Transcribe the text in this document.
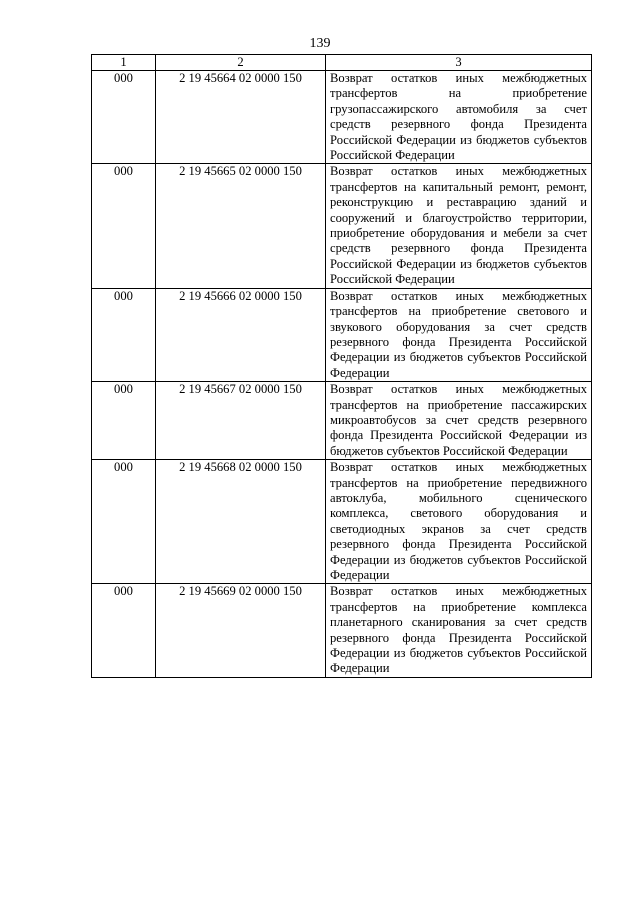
139
1	2	3
000	2 19 45664 02 0000 150	Возврат остатков иных межбюджетных трансфертов на приобретение грузопассажирского автомобиля за счет средств резервного фонда Президента Российской Федерации из бюджетов субъектов Российской Федерации
000	2 19 45665 02 0000 150	Возврат остатков иных межбюджетных трансфертов на капитальный ремонт, ремонт, реконструкцию и реставрацию зданий и сооружений и благоустройство территории, приобретение оборудования и мебели за счет средств резервного фонда Президента Российской Федерации из бюджетов субъектов Российской Федерации
000	2 19 45666 02 0000 150	Возврат остатков иных межбюджетных трансфертов на приобретение светового и звукового оборудования за счет средств резервного фонда Президента Российской Федерации из бюджетов субъектов Российской Федерации
000	2 19 45667 02 0000 150	Возврат остатков иных межбюджетных трансфертов на приобретение пассажирских микроавтобусов за счет средств резервного фонда Президента Российской Федерации из бюджетов субъектов Российской Федерации
000	2 19 45668 02 0000 150	Возврат остатков иных межбюджетных трансфертов на приобретение передвижного автоклуба, мобильного сценического комплекса, светового оборудования и светодиодных экранов за счет средств резервного фонда Президента Российской Федерации из бюджетов субъектов Российской Федерации
000	2 19 45669 02 0000 150	Возврат остатков иных межбюджетных трансфертов на приобретение комплекса планетарного сканирования за счет средств резервного фонда Президента Российской Федерации из бюджетов субъектов Российской Федерации
